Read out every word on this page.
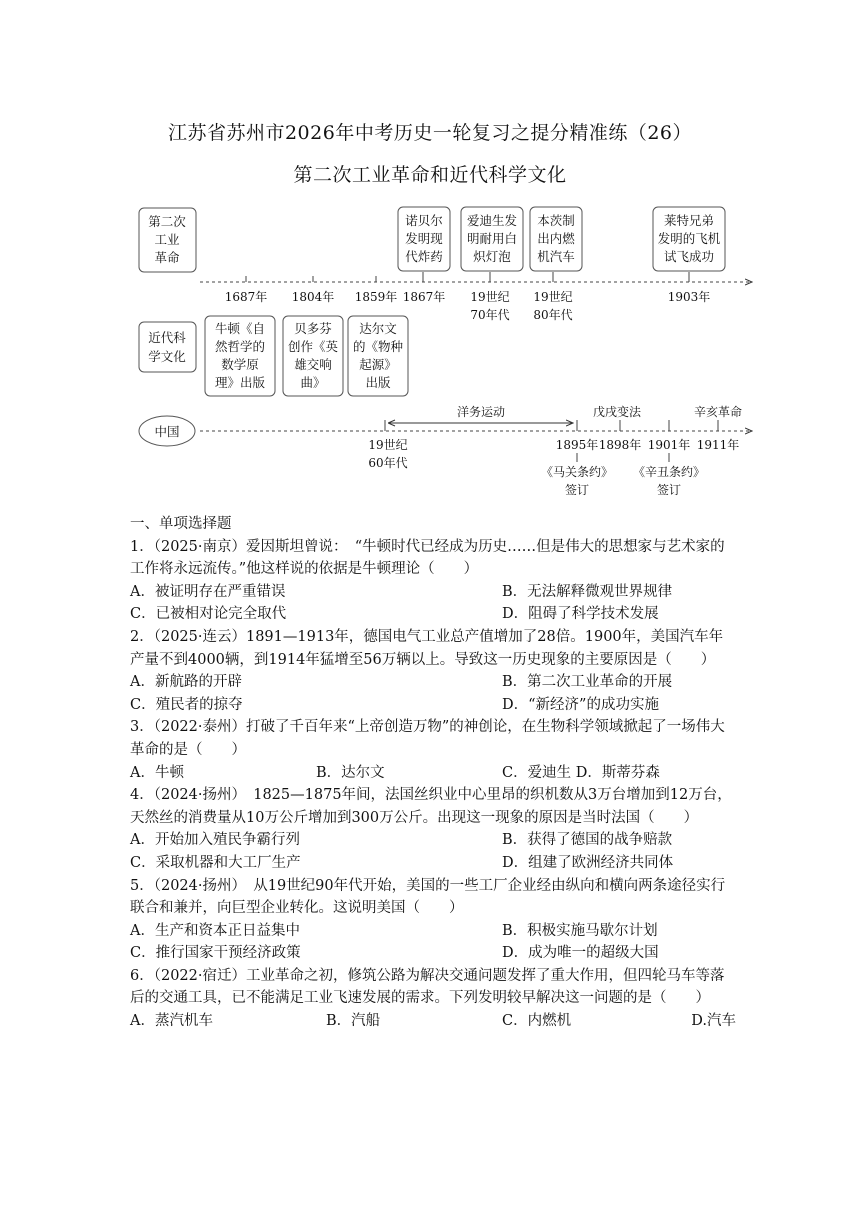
江苏省苏州市2026年中考历史一轮复习之提分精准练（26）
第二次工业革命和近代科学文化
第二次
工业
革命
近代科
学文化
诺贝尔
发明现
代炸药
1867年
爱迪生发
明耐用白
炽灯泡
19世纪
70年代
本茨制
出内燃
机汽车
19世纪
80年代
莱特兄弟
发明的飞机
试飞成功
1903年
1687年
牛顿《自
然哲学的
数学原
理》出版
1804年
贝多芬
创作《英
雄交响
曲》
1859年
达尔文
的《物种
起源》
出版
中国
洋务运动	戊戌变法	辛亥革命
19世纪
60年代
1895年 1898年 1901年 1911年
《马关条约》
签订
《辛丑条约》
签订

一、单项选择题

1．（2025·南京）爱因斯坦曾说：　“牛顿时代已经成为历史……但是伟大的思想家与艺术家的工作将永远流传。”他这样说的依据是牛顿理论（　　）

A．被证明存在严重错误	B．无法解释微观世界规律
C．已被相对论完全取代	D．阻碍了科学技术发展

2．（2025·连云）1891—1913年，德国电气工业总产值增加了28倍。1900年，美国汽车年产量不到4000辆，到1914年猛增至56万辆以上。导致这一历史现象的主要原因是（　　）

A．新航路的开辟	B．第二次工业革命的开展
C．殖民者的掠夺	D．“新经济”的成功实施

3．（2022·泰州）打破了千百年来“上帝创造万物”的神创论，在生物科学领域掀起了一场伟大革命的是（　　）

A．牛顿	B．达尔文	C．爱迪生 D．斯蒂芬森

4．（2024·扬州）　1825—1875年间，法国丝织业中心里昂的织机数从3万台增加到12万台，天然丝的消费量从10万公斤增加到300万公斤。出现这一现象的原因是当时法国（　　）

A．开始加入殖民争霸行列	B．获得了德国的战争赔款
C．采取机器和大工厂生产	D．组建了欧洲经济共同体

5．（2024·扬州）　从19世纪90年代开始，美国的一些工厂企业经由纵向和横向两条途径实行联合和兼并，向巨型企业转化。这说明美国（　　）

A．生产和资本正日益集中	B．积极实施马歇尔计划
C．推行国家干预经济政策	D．成为唯一的超级大国

6．（2022·宿迁）工业革命之初，修筑公路为解决交通问题发挥了重大作用，但四轮马车等落后的交通工具，已不能满足工业飞速发展的需求。下列发明较早解决这一问题的是（　　）

A．蒸汽机车	B．汽船	C．内燃机	D.汽车
